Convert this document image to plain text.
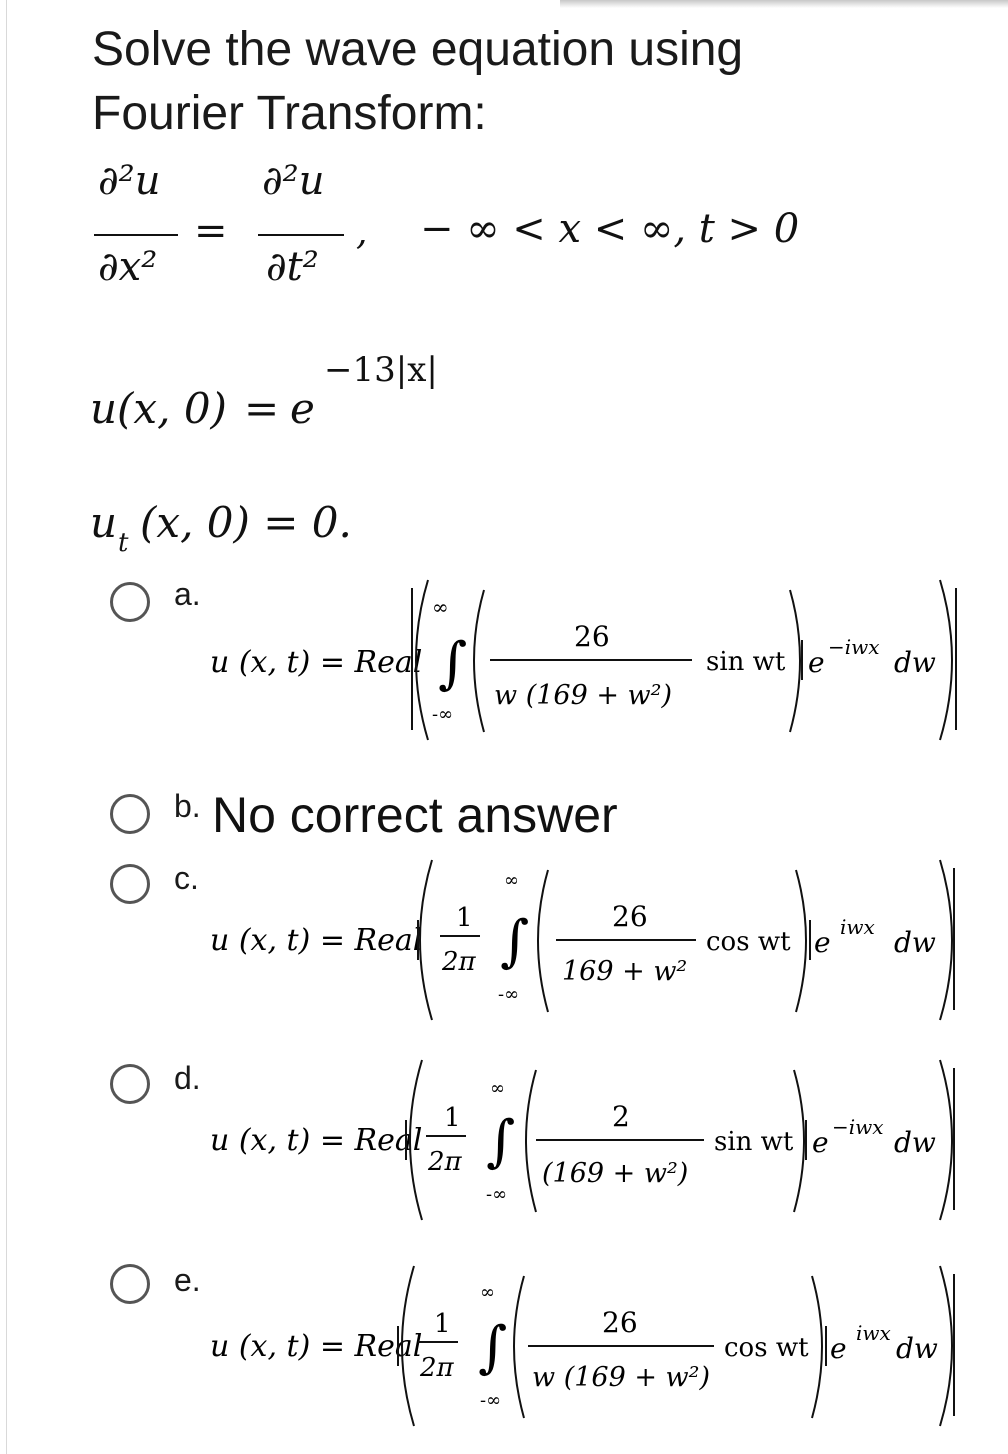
Solve the wave equation using
Fourier Transform:
∂²u
∂x²
=
∂²u
∂t²
, − ∞ < x < ∞, t > 0
u(x, 0) = e
−13|x|
u t (x, 0) = 0.
a.
u (x, t) = Real
∞
∫
-∞
26
w (169 + w²)
sin wt e −iwx dw
b. No correct answer
c.
u (x, t) = Real
1
2π
∞
∫
-∞
26
169 + w²
cos wt e iwx dw
d.
u (x, t) = Real
1
2π
∞
∫
-∞
2
(169 + w²)
sin wt e −iwx dw
e.
u (x, t) = Real
1
2π
∞
∫
-∞
26
w (169 + w²)
cos wt e iwx dw
